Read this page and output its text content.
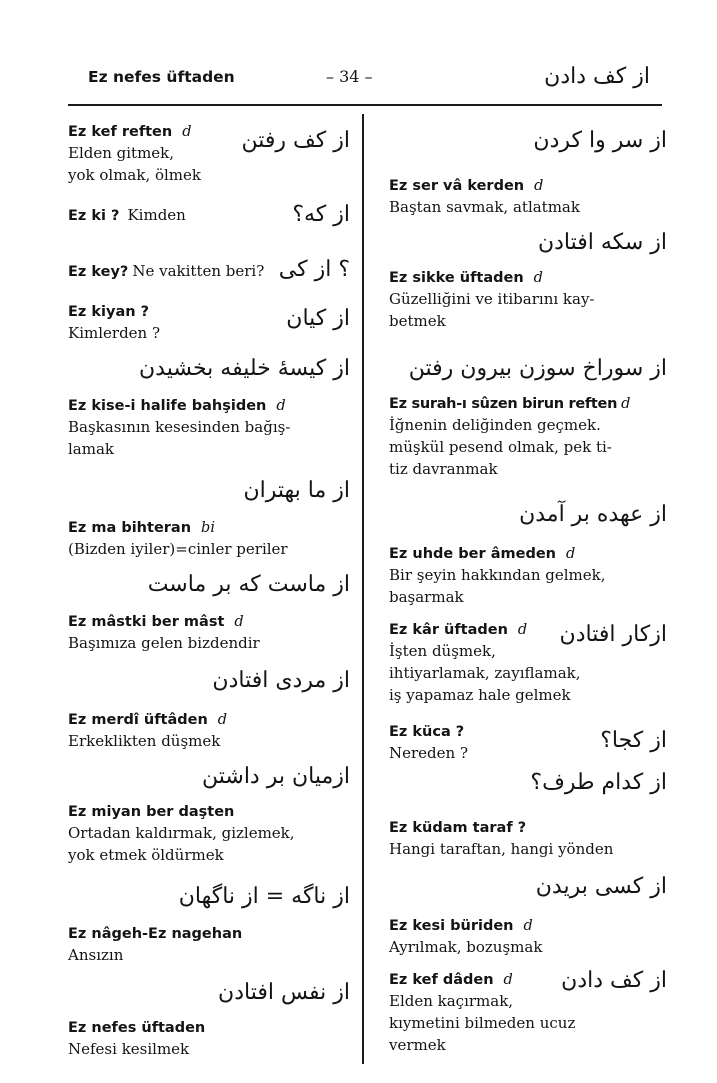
Ez nefes üftaden	– 34 –	از کف دادن
از کف رفتن
Ez kef reften d
Elden gitmek,
yok olmak, ölmek
از که؟
Ez ki ? Kimden
؟ از کی
Ez key? Ne vakitten beri?
از کیان
Ez kiyan ?
Kimlerden ?
از کیسهٔ خلیفه بخشیدن
Ez kise-i halife bahşiden d
Başkasının kesesinden bağış-
lamak
از ما بهتران
Ez ma bihteran bi
(Bizden iyiler)=cinler periler
از ماست که بر ماست
Ez mâstki ber mâst d
Başımıza gelen bizdendir
از مردی افتادن
Ez merdî üftâden d
Erkeklikten düşmek
ازمیان بر داشتن
Ez miyan ber daşten
Ortadan kaldırmak, gizlemek,
yok etmek öldürmek
از ناگه = از ناگهان
Ez nâgeh-Ez nagehan
Ansızın
از نفس افتادن
Ez nefes üftaden
Nefesi kesilmek
از سر وا کردن
Ez ser vâ kerden d
Baştan savmak, atlatmak
از سکه افتادن
Ez sikke üftaden d
Güzelliğini ve itibarını kay-
betmek
از سوراخ سوزن بیرون رفتن
Ez surah-ı sûzen birun reften d
İğnenin deliğinden geçmek.
müşkül pesend olmak, pek ti-
tiz davranmak
از عهده بر آمدن
Ez uhde ber âmeden d
Bir şeyin hakkından gelmek,
başarmak
ازکار افتادن
Ez kâr üftaden d
İşten düşmek,
ihtiyarlamak, zayıflamak,
iş yapamaz hale gelmek
از کجا؟
Ez küca ?
Nereden ?
از کدام طرف؟
Ez küdam taraf ?
Hangi taraftan, hangi yönden
از کسی بریدن
Ez kesi büriden d
Ayrılmak, bozuşmak
از کف دادن
Ez kef dâden d
Elden kaçırmak,
kıymetini bilmeden ucuz
vermek
